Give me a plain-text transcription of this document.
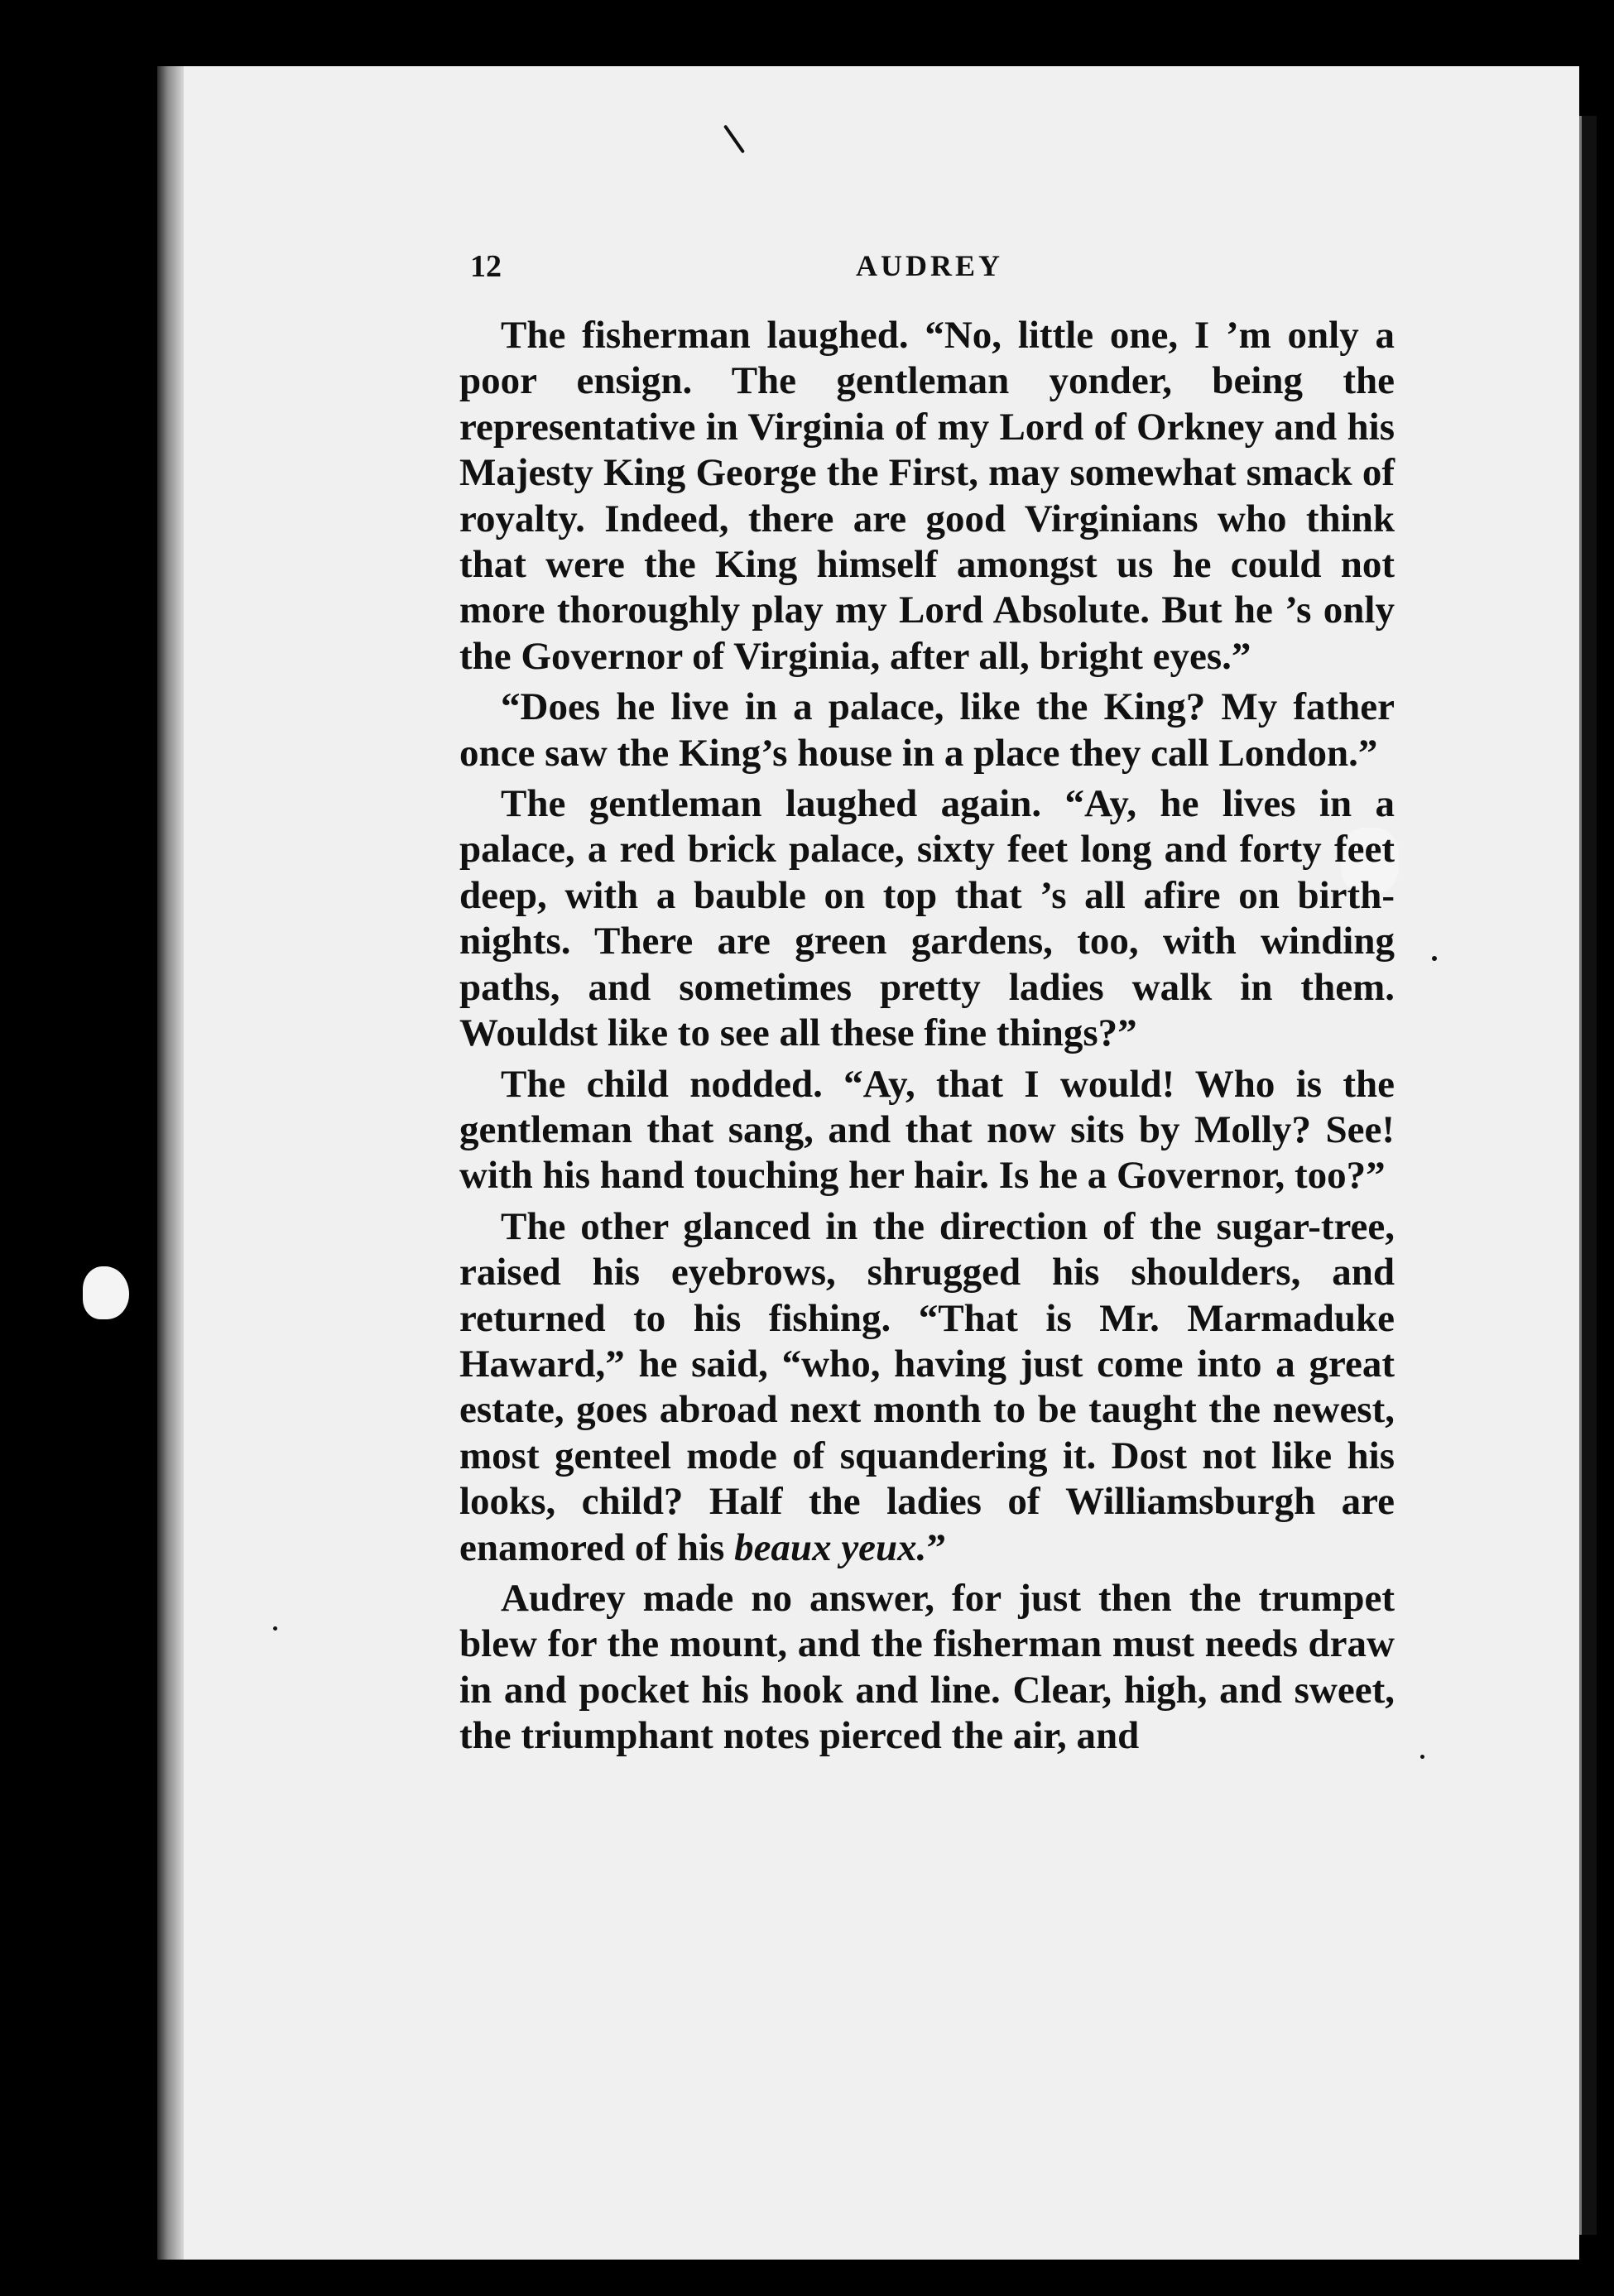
12	AUDREY

The fisherman laughed. “No, little one, I ’m only a poor ensign. The gentleman yonder, being the representative in Virginia of my Lord of Orkney and his Majesty King George the First, may somewhat smack of royalty. Indeed, there are good Virginians who think that were the King himself amongst us he could not more thoroughly play my Lord Absolute. But he ’s only the Governor of Virginia, after all, bright eyes.”

“Does he live in a palace, like the King? My father once saw the King’s house in a place they call London.”

The gentleman laughed again. “Ay, he lives in a palace, a red brick palace, sixty feet long and forty feet deep, with a bauble on top that ’s all afire on birth-nights. There are green gardens, too, with winding paths, and sometimes pretty ladies walk in them. Wouldst like to see all these fine things?”

The child nodded. “Ay, that I would! Who is the gentleman that sang, and that now sits by Molly? See! with his hand touching her hair. Is he a Governor, too?”

The other glanced in the direction of the sugar-tree, raised his eyebrows, shrugged his shoulders, and returned to his fishing. “That is Mr. Marmaduke Haward,” he said, “who, having just come into a great estate, goes abroad next month to be taught the newest, most genteel mode of squandering it. Dost not like his looks, child? Half the ladies of Williamsburgh are enamored of his beaux yeux.”

Audrey made no answer, for just then the trumpet blew for the mount, and the fisherman must needs draw in and pocket his hook and line. Clear, high, and sweet, the triumphant notes pierced the air, and
